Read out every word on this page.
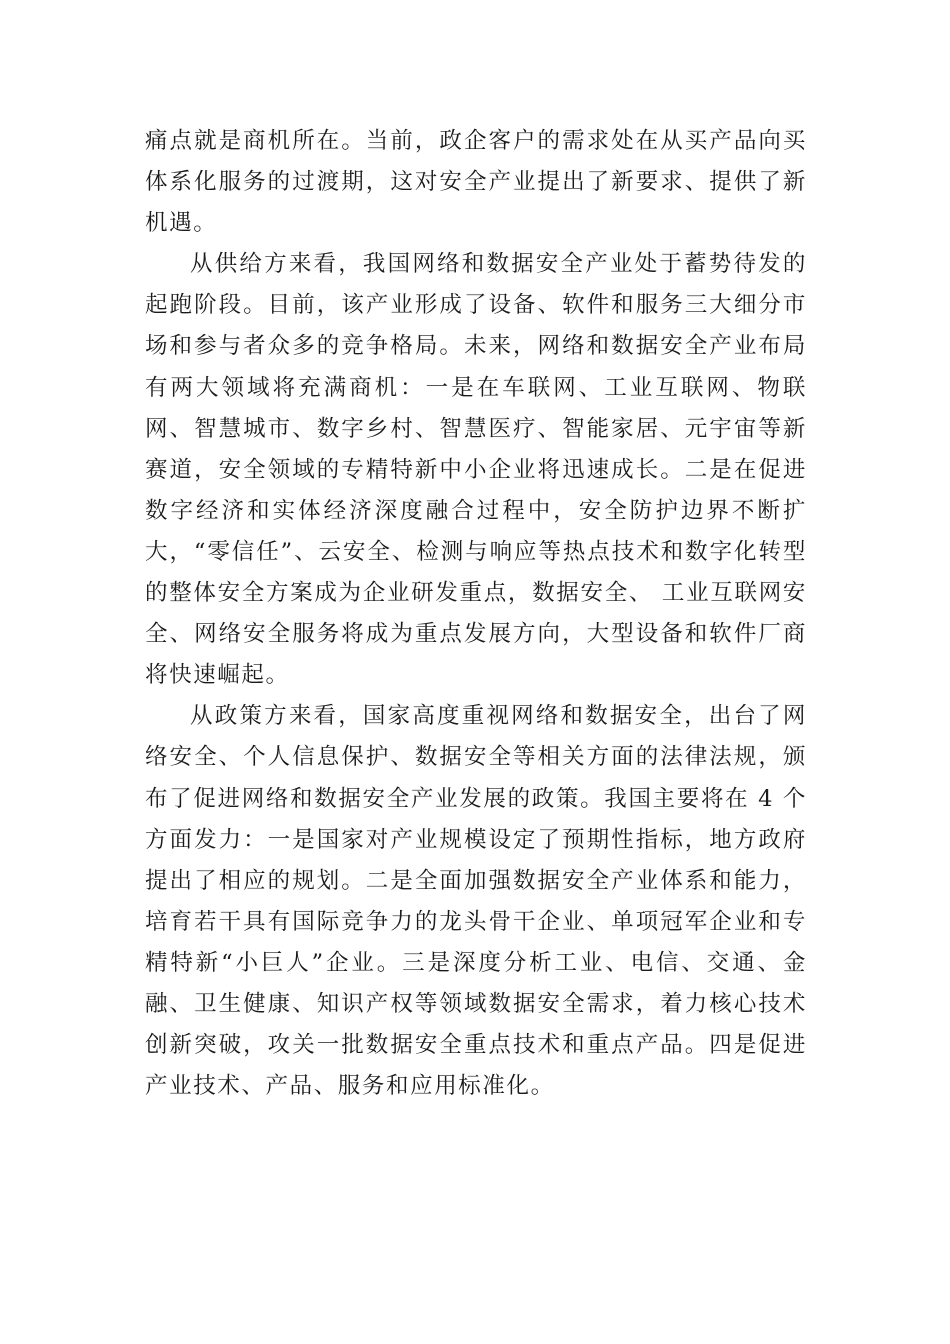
痛点就是商机所在。当前，政企客户的需求处在从买产品向买体系化服务的过渡期，这对安全产业提出了新要求、提供了新机遇。

从供给方来看，我国网络和数据安全产业处于蓄势待发的起跑阶段。目前，该产业形成了设备、软件和服务三大细分市场和参与者众多的竞争格局。未来，网络和数据安全产业布局有两大领域将充满商机：一是在车联网、工业互联网、物联网、智慧城市、数字乡村、智慧医疗、智能家居、元宇宙等新赛道，安全领域的专精特新中小企业将迅速成长。二是在促进数字经济和实体经济深度融合过程中，安全防护边界不断扩大，“零信任”、云安全、检测与响应等热点技术和数字化转型的整体安全方案成为企业研发重点，数据安全、 工业互联网安全、网络安全服务将成为重点发展方向，大型设备和软件厂商将快速崛起。

从政策方来看，国家高度重视网络和数据安全，出台了网络安全、个人信息保护、数据安全等相关方面的法律法规，颁布了促进网络和数据安全产业发展的政策。我国主要将在 4 个方面发力：一是国家对产业规模设定了预期性指标，地方政府提出了相应的规划。二是全面加强数据安全产业体系和能力，培育若干具有国际竞争力的龙头骨干企业、单项冠军企业和专精特新“小巨人”企业。三是深度分析工业、电信、交通、金融、卫生健康、知识产权等领域数据安全需求，着力核心技术创新突破，攻关一批数据安全重点技术和重点产品。四是促进产业技术、产品、服务和应用标准化。
